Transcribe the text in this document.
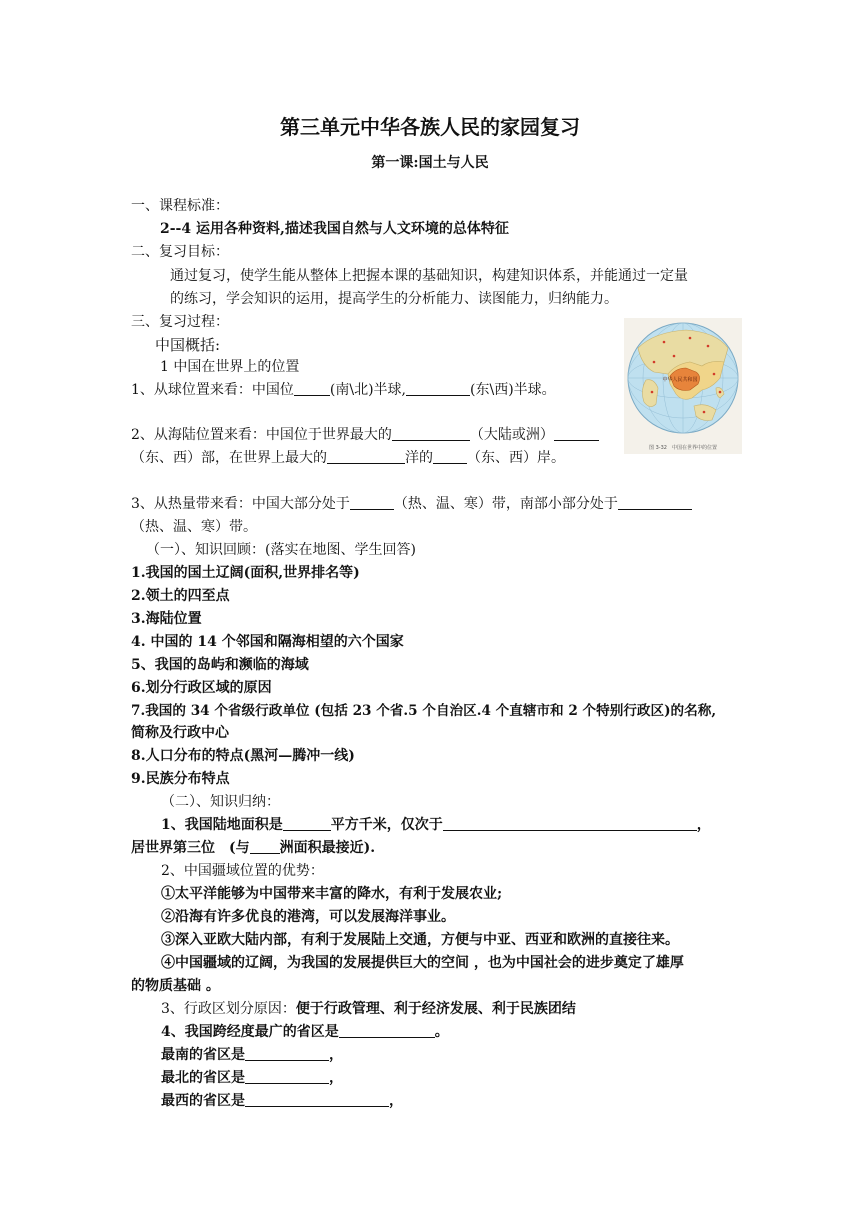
第三单元中华各族人民的家园复习
第一课:国土与人民
一、课程标准：
2--4 运用各种资料,描述我国自然与人文环境的总体特征
二、复习目标：
通过复习，使学生能从整体上把握本课的基础知识，构建知识体系，并能通过一定量
的练习，学会知识的运用，提高学生的分析能力、读图能力，归纳能力。
三、复习过程：
中国概括:
1 中国在世界上的位置
1、从球位置来看：中国位	(南\北)半球,	(东\西)半球。
2、从海陆位置来看：中国位于世界最大的	（大陆或洲）
（东、西）部，在世界上最大的	洋的 （东、西）岸。
3、从热量带来看：中国大部分处于	（热、温、寒）带，南部小部分处于
（热、温、寒）带。
（一）、知识回顾：(落实在地图、学生回答)
1.我国的国土辽阔(面积,世界排名等)
2.领土的四至点
3.海陆位置
4. 中国的 14 个邻国和隔海相望的六个国家
5、我国的岛屿和濒临的海域
6.划分行政区域的原因
7.我国的 34 个省级行政单位 (包括 23 个省.5 个自治区.4 个直辖市和 2 个特别行政区)的名称,
简称及行政中心
8.人口分布的特点(黑河—腾冲一线)
9.民族分布特点
（二）、知识归纳：
1、我国陆地面积是	平方千米，仅次于	，
居世界第三位　(与 洲面积最接近).
2、中国疆域位置的优势：
①太平洋能够为中国带来丰富的降水，有利于发展农业;
②沿海有许多优良的港湾，可以发展海洋事业。
③深入亚欧大陆内部，有利于发展陆上交通，方便与中亚、西亚和欧洲的直接往来。
④中国疆域的辽阔，为我国的发展提供巨大的空间 ，也为中国社会的进步奠定了雄厚
的物质基础 。
3、行政区划分原因：便于行政管理、利于经济发展、利于民族团结
4、我国跨经度最广的省区是	。
最南的省区是	，
最北的省区是	，
最西的省区是	，
中华人民共和国
图 3-32　中国在世界中的位置
